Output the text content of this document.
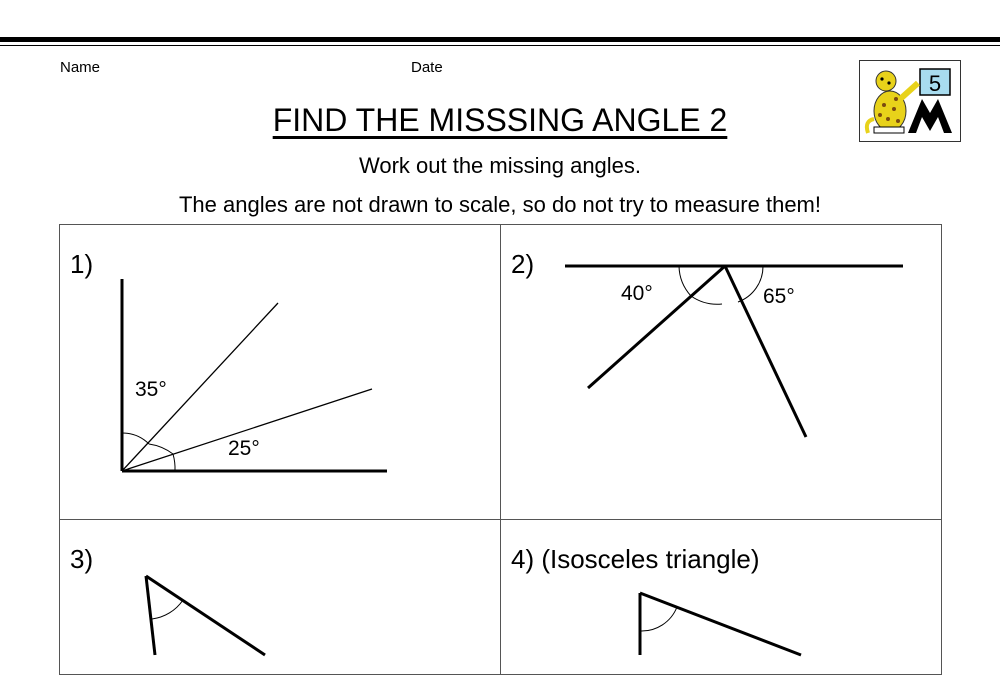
Name	Date
5
FIND THE MISSSING ANGLE 2
Work out the missing angles.
The angles are not drawn to scale, so do not try to measure them!
1)
35°
25°
2)
40°	65°
3)	4) (Isosceles triangle)
